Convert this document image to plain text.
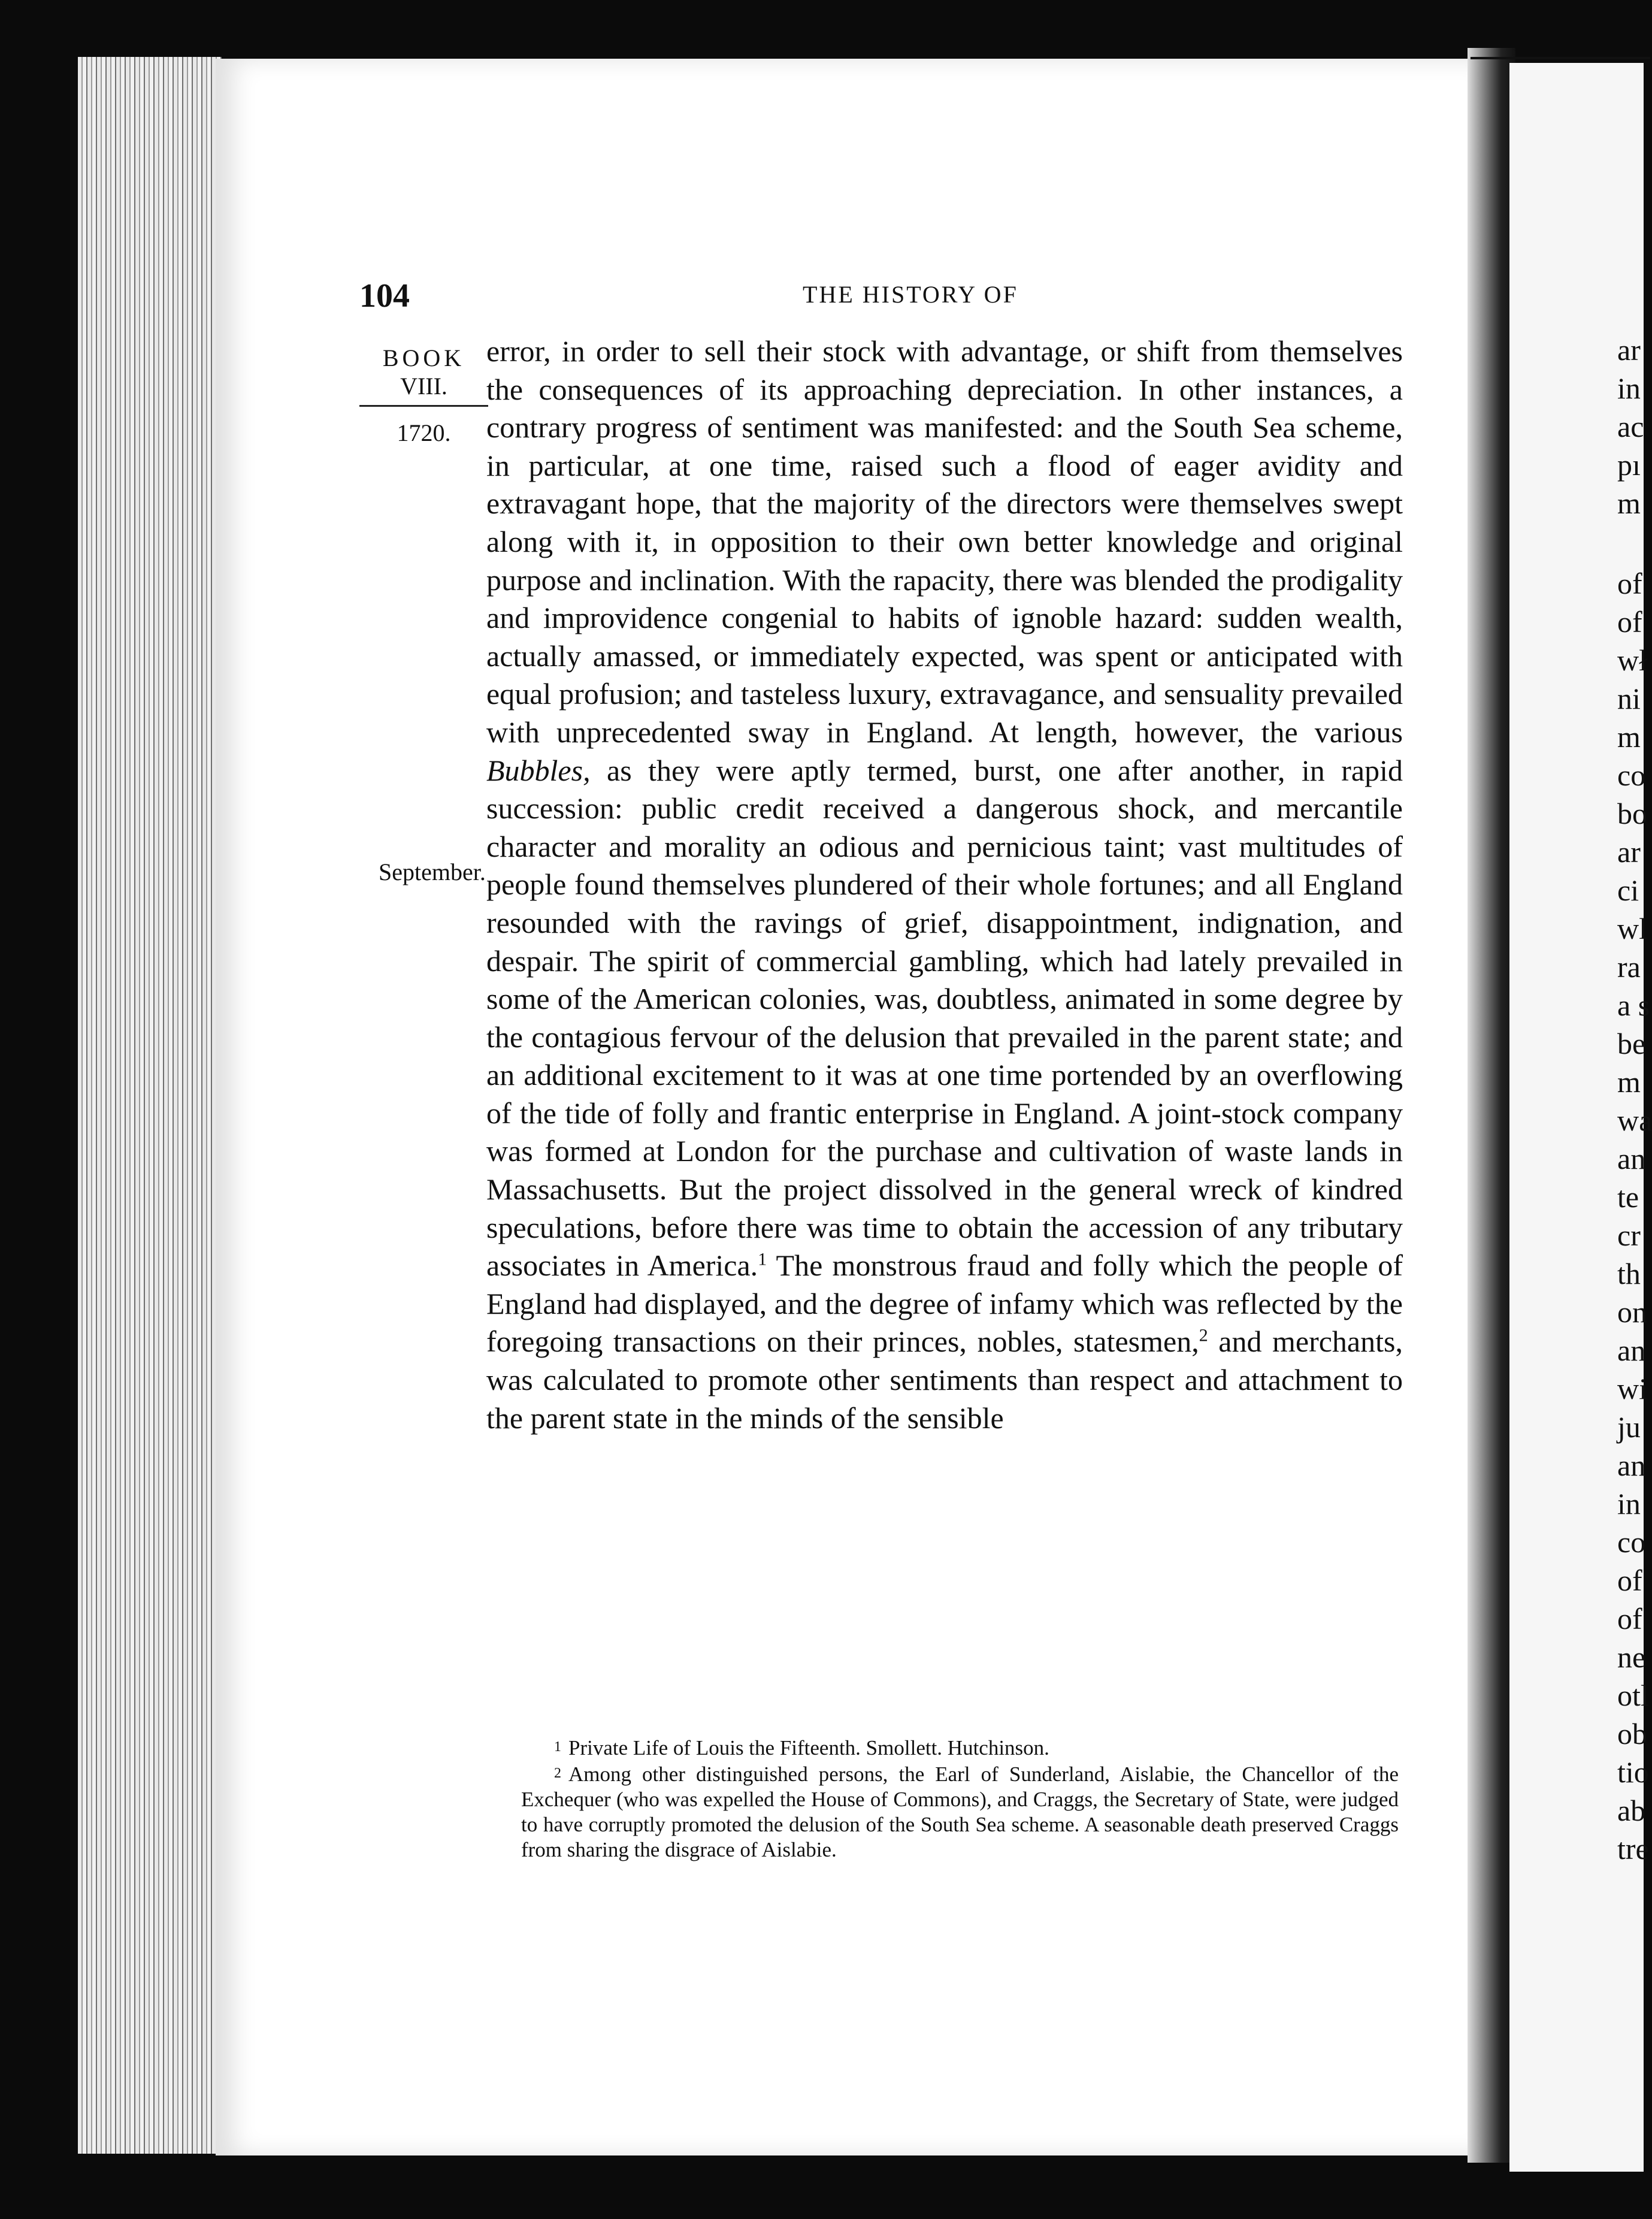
104	THE HISTORY OF
BOOK
VIII.
1720.
September.
error, in order to sell their stock with advantage, or shift from themselves the consequences of its approaching depreciation. In other instances, a contrary progress of sentiment was manifested: and the South Sea scheme, in particular, at one time, raised such a flood of eager avidity and extravagant hope, that the majority of the directors were themselves swept along with it, in opposition to their own better knowledge and original purpose and inclination. With the rapacity, there was blended the prodigality and improvidence congenial to habits of ignoble hazard: sudden wealth, actually amassed, or immediately expected, was spent or anticipated with equal profusion; and tasteless luxury, extravagance, and sensuality prevailed with unprecedented sway in England. At length, however, the various Bubbles, as they were aptly termed, burst, one after another, in rapid succession: public credit received a dangerous shock, and mercantile character and morality an odious and pernicious taint; vast multitudes of people found themselves plundered of their whole fortunes; and all England resounded with the ravings of grief, disappointment, indignation, and despair. The spirit of commercial gambling, which had lately prevailed in some of the American colonies, was, doubtless, animated in some degree by the contagious fervour of the delusion that prevailed in the parent state; and an additional excitement to it was at one time portended by an overflowing of the tide of folly and frantic enterprise in England. A joint-stock company was formed at London for the purchase and cultivation of waste lands in Massachusetts. But the project dissolved in the general wreck of kindred speculations, before there was time to obtain the accession of any tributary associates in America.$^1$ The monstrous fraud and folly which the people of England had displayed, and the degree of infamy which was reflected by the foregoing transactions on their princes, nobles, statesmen,$^2$ and merchants, was calculated to promote other sentiments than respect and attachment to the parent state in the minds of the sensible
1 Private Life of Louis the Fifteenth. Smollett. Hutchinson.
2 Among other distinguished persons, the Earl of Sunderland, Aislabie, the Chancellor of the Exchequer (who was expelled the House of Commons), and Craggs, the Secretary of State, were judged to have corruptly promoted the delusion of the South Sea scheme. A seasonable death preserved Craggs from sharing the disgrace of Aislabie.
ar
in
ac
pı
m
of
of
wł
ni
m
co
bo
ar
ci
wl
ra
a s
be
m
wa
an
te
cr
th
on
an
wi
ju
an
in
co
of
of
ne
otl
ob
tio
ab
tre
